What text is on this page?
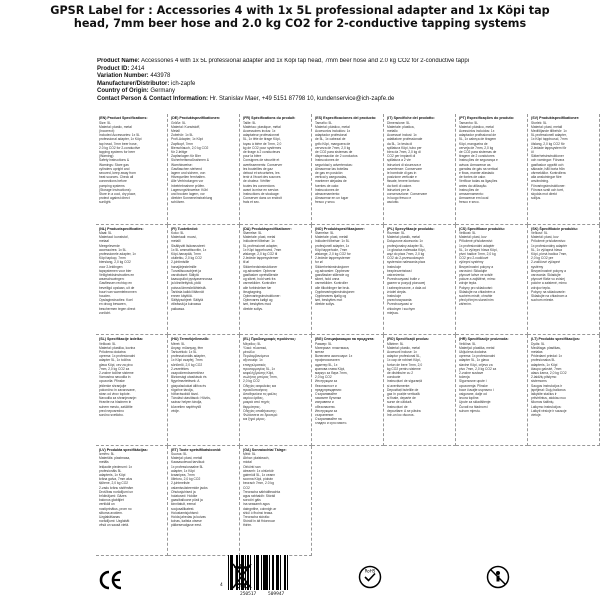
GPSR Label for : Accessories 4 with 1x 5L professional adapter and 1x Köpi tap head, 7mm beer hose and 2.0 kg CO2 for 2-conductive tapping systems
Product Name: Accessories 4 with 1x 5L professional adapter and 1x Köpi tap head, 7mm beer hose and 2.0 kg CO2 for 2-conductive tappi
Product ID: 2414
Variation Number: 443978
Manufacturer/Distributor: ich-zapfe
Country of Origin: Germany
Contact Person & Contact Information: Hr. Stanislav Maer, +49 5151 87798 10, kundenservice@ich-zapfe.de
(EN) Product Specifications:
Size: 5L
Material: plastic, metal
(Incorrect):
Included Accessories: 1x 5L
professional adapter, 1x Köpi
tap head, 7mm beer hose,
2.0 kg CO2 for 2-conductive
tapping systems for beer
(Warning):
Safety instructions &
Warnings: Store gas
cylinders upright and
secured, keep away from
heat sources. Check all
connections before
pumping systems
(Storage Instructions):
Store in a cool, dry place,
protect against direct
sunlight.
(DE) Produktspezifikationen:
Größe: 5L
Material: Kunststoff,
Metall
Zubehör: 1x 5L
Profi-Adapter, 1x Köpi
Zapfkopf, 7mm
Bierschlauch, 2,0 kg CO2
für 2-leitige
Zapfanlagen für Bier
Sicherheitsmaßnahmen &
Warnhinweise:
Gasflaschen stehend
lagern und sichern, von
Hitzequellen fernhalten.
Alle Verbindungen vor
Inbetriebnahme prüfen.
Lagerungshinweise: Kühl
und trocken lagern, vor
direkter Sonneneinstrahlung
schützen.
(FR) Spécifications du produit:
Taille: 5L
Matériau: plastique, métal
Accessoires inclus: 1x
adaptateur professionnel
5L, 1x tête de tirage Köpi,
tuyau à bière de 7mm, 2,0
kg de CO2 pour systèmes
de tirage à 2 conducteurs
pour la bière
Consignes de sécurité et
avertissements: Conserver
les bouteilles de gaz
debout et sécurisées, les
tenir à l'écart des sources
de chaleur. Vérifier
toutes les connexions
avant la mise en service.
Instructions de stockage:
Conserver dans un endroit
frais et sec.
(ES) Especificaciones del producto:
Tamaño: 5L
Material: plástico, metal
Accesorios incluidos: 1x
adaptador profesional
de 5L, 1x cabezal de
grifo Köpi, manguera de
cerveza de 7mm, 2,0 kg
de CO2 para sistemas de
dispensación de 2 conductos
Instrucciones de
seguridad y advertencias:
Almacenar las botellas
de gas en posición
vertical y aseguradas,
mantener alejadas de
fuentes de calor.
Instrucciones de
almacenamiento:
Almacenar en un lugar
fresco y seco.
(IT) Specifiche del prodotto:
Dimensione: 5L
Materiale: plastica,
metallo
Accessori inclusi: 1x
adattatore professionale
da 5L, 1x testa di
spillatura Köpi, tubo per
birra da 7mm, 2,0 kg di
CO2 per impianti di
spillatura a 2 vie
Istruzioni di sicurezza e
avvertenze: Conservare
le bombole di gas in
posizione verticale e
fissate, tenere lontano
da fonti di calore.
Istruzioni per la
conservazione: Conservare
in luogo fresco e
asciutto.
(PT) Especificações do produto:
Tamanho: 5L
Material: plástico, metal
Acessórios incluídos: 1x
adaptador profissional de
5L, 1x cabeça de tiragem
Köpi, mangueira de
cerveja de 7mm, 2,0 kg
de CO2 para sistemas de
tiragem de 2 condutores
Instruções de segurança e
avisos: Armazenar as
garrafas de gás na vertical
e fixas, manter afastado
de fontes de calor.
Verificar todas as ligações
antes da utilização.
Instruções de
armazenamento:
Armazenar em local
fresco e seco.
(SV) Produktspecifikationer:
Storlek: 5L
Material: plast, metall
Medföljande tillbehör: 1x
5L professionell adapter,
1x Köpi tapphuvud, 7mm
ölslang, 2,0 kg CO2 för
2-ledade tappsystem för
öl
Säkerhetsinstruktioner
och varningar: Förvara
gasflaskor upprätt och
säkrade, håll borta från
värmekällor. Kontrollera
alla anslutningar före
användning.
Förvaringsinstruktioner:
Förvara svalt och torrt,
skydda mot direkt
solljus.
(NL) Productspecificaties:
Maat: 5L
Materiaal: kunststof,
metaal
Meegeleverde
accessoires: 1x 5L
professionele adapter, 1x
Köpi tapkop, 7mm
bierslang, 2,0 kg CO2
voor 2-leidingen
tapsystemen voor bier
Veiligheidsinstructies en
waarschuwingen:
Gasflessen rechtop en
beveiligd opslaan, uit de
buurt van warmtebronnen
houden.
Opslaginstructies: Koel
en droog bewaren,
beschermen tegen direct
zonlicht.
(FI) Tuotetiedot:
Koko: 5L
Materiaali: muovi,
metalli
Sisältyvät lisävarusteet:
1x 5L ammattisovitin, 1x
Köpi-hanapää, 7mm
olutletku, 2,0 kg CO2
2-johtimisille
hanajärjestelmille
Turvallisuusohjeet ja
varoitukset: Säilytä
kaasupullot pystyasennossa
ja kiinnitettyinä, pidä
poissa lämmönlähteistä.
Tarkista kaikki liitännät
ennen käyttöä.
Säilytysohjeet: Säilytä
viileässä ja kuivassa
paikassa.
(DA) Produktspecifikationer:
Størrelse: 5L
Materiale: plast, metal
Inkluderet tilbehør: 1x
5L professionel adapter,
1x Köpi tappehoved, 7mm
ølslange, 2,0 kg CO2 til
2-ledede tappesystemer
til øl
Sikkerhedsinstruktioner
og advarsler: Opbevar
gasflasker opretstående
og sikret, hold væk fra
varmekilder. Kontroller
alle forbindelser før
ibrugtagning.
Opbevaringsinstruktioner:
Opbevares køligt og
tørt, beskyttes mod
direkte sollys.
(NO) Produktspesifikasjoner:
Størrelse: 5L
Materiale: plast, metall
Inkludert tilbehør: 1x 5L
profesjonell adapter, 1x
Köpi tappehode, 7mm
ølslange, 2,0 kg CO2 for
2-ledede tappesystemer
for øl
Sikkerhetsinstruksjoner
og advarsler: Oppbevar
gassflasker stående og
sikret, hold unna
varmekilder. Kontroller
alle tilkoblinger før bruk.
Oppbevaringsinstruksjoner:
Oppbevares kjølig og
tørt, beskyttes mot
direkte sollys.
(PL) Specyfikacje produktu:
Rozmiar: 5L
Materiał: plastik, metal
Dołączone akcesoria: 1x
profesjonalny adapter 5L,
1x głowica nalewaka Köpi,
wąż do piwa 7mm, 2,0 kg
CO2 do 2-przewodowych
systemów nalewania piwa
Instrukcje
bezpieczeństwa i
ostrzeżenia:
Przechowywać butle z
gazem w pozycji pionowej
i zabezpieczone, z dala od
źródeł ciepła.
Instrukcje
przechowywania:
Przechowywać w
chłodnym i suchym
miejscu.
(CS) Specifikace produktu:
Velikost: 5L
Materiál: plast, kov
Přiložené příslušenství:
1x profesionální adaptér
5L, 1x výčepní hlava Köpi,
pivní hadice 7mm, 2,0 kg
CO2 pro 2-vodičové
výčepní systémy
Bezpečnostní pokyny a
varování: Skladujte
plynové lahve ve svislé
poloze a zajištěné, mimo
zdroje tepla.
Pokyny pro skladování:
Skladujte na chladném a
suchém místě, chraňte
před přímým slunečním
zářením.
(SK) Špecifikácie produktu:
Veľkosť: 5L
Materiál: plast, kov
Priložené príslušenstvo:
1x profesionálny adaptér
5L, 1x výčapná hlava
Köpi, pivná hadica 7mm,
2,0 kg CO2 pre
2-vodičové výčapné
systémy
Bezpečnostné pokyny a
varovania: Skladujte
plynové fľaše vo zvislej
polohe a zaistené, mimo
zdrojov tepla.
Pokyny na skladovanie:
Skladujte na chladnom a
suchom mieste.
(SL) Specifikacije izdelka:
Velikost: 5L
Material: plastika, kovina
Priložena dodatna
oprema: 1x profesionalni
adapter 5L, 1x točilna
glava Köpi, cev za pivo
7mm, 2,0 kg CO2 za
2-vodne točilne sisteme
Varnostna navodila in
opozorila: Plinske
jeklenke shranjujte
pokončno in zavarovane,
stran od virov toplote.
Navodila za shranjevanje:
Hranite na hladnem in
suhem mestu, zaščitite
pred neposredno
sončno svetlobo.
(HU) Termékjellemzők:
Méret: 5L
Anyag: műanyag, fém
Tartozékok: 1x 5L
professzionális adapter,
1x Köpi csapfej, 7mm
sörtömlő, 2,0 kg CO2
2-vezetékes
csapolórendszerekhez
Biztonsági utasítások és
figyelmeztetések: A
gázpalackokat állítva és
rögzítve tárolja,
hőforrásoktól távol.
Tárolási utasítások: Hűvös,
száraz helyen tárolja,
közvetlen napfénytől
védje.
(EL) Προδιαγραφές προϊόντος:
Μέγεθος: 5L
Υλικό: πλαστικό,
μέταλλο
Περιλαμβανόμενα
αξεσουάρ: 1x
επαγγελματικός
προσαρμογέας 5L, 1x
κεφαλή βρύσης Köpi,
σωλήνας μπύρας 7mm,
2,0 kg CO2
Οδηγίες ασφαλείας και
προειδοποιήσεις:
Αποθηκεύετε τις φιάλες
αερίου όρθιες,
μακριά από πηγές
θερμότητας.
Οδηγίες αποθήκευσης:
Φυλάσσετε σε δροσερό
και ξηρό μέρος.
(BG) Спецификации на продукта:
Размер: 5L
Материал: пластмаса,
метал
Включени аксесоари: 1x
професионален
адаптер 5L, 1x
кранова глава Köpi,
маркуч за бира 7mm,
2,0 kg CO2
Инструкции за
безопасност и
предупреждения:
Съхранявайте
газовите бутилки
изправени и
обезопасени.
Инструкции за
съхранение:
Съхранявайте на
хладно и сухо място.
(RO) Specificații produs:
Mărime: 5L
Material: plastic, metal
Accesorii incluse: 1x
adaptor profesional 5L,
1x cap de robinet Köpi,
furtun de bere 7mm, 2,0
kg CO2 pentru sisteme
de distribuire cu 2
conducte
Instrucțiuni de siguranță
și avertismente:
Depozitați buteliile de
gaz în poziție verticală
și fixate, departe de
surse de căldură.
Instrucțiuni de
depozitare: A se păstra
într-un loc răcoros.
(HR) Specifikacije proizvoda:
Veličina: 5L
Materijal: plastika, metal
Uključena dodatna
oprema: 1x profesionalni
adapter 5L, 1x glava
slavine Köpi, crijevo za
pivo 7mm, 2,0 kg CO2 za
2-vodne sustave
točenja
Sigurnosne upute i
upozorenja: Plinske
boce čuvajte uspravno i
osigurane, dalje od
izvora topline.
Upute za skladištenje:
Čuvati na hladnom i
suhom mjestu.
(LT) Produkto specifikacijos:
Dydis: 5L
Medžiaga: plastikas,
metalas
Pridedami priedai: 1x
profesionalus 5L
adapteris, 1x Köpi
čiaupo galvutė, 7mm
alaus žarna, 2,0 kg CO2
2-laidžių pilstymo
sistemoms
Saugos instrukcijos ir
įspėjimai: Dujų balionus
laikykite stačius ir
pritvirtintus, atokiau nuo
šilumos šaltinių.
Laikymo instrukcijos:
Laikyti vėsioje ir sausoje
vietoje.
(LV) Produkta specifikācijas:
Izmērs: 5L
Materiāls: plastmasa,
metāls
Iekļautie piederumi: 1x
profesionāls 5L
adapteris, 1x Köpi
krāna galva, 7mm alus
šļūtene, 2,0 kg CO2
2-vadu krānu sistēmām
Drošības norādījumi un
brīdinājumi: Gāzes
balonus glabājiet
vertikāli un
nostiprinātus, prom no
siltuma avotiem.
Uzglabāšanas
norādījumi: Uzglabāt
vēsā un sausā vietā.
(ET) Toote spetsifikatsioonid:
Suurus: 5L
Materjal: plast, metall
Kaasasolevad tarvikud:
1x professionaalne 5L
adapter, 1x Köpi
kraanipea, 7mm
õlletoru, 2,0 kg CO2
2-juhtmeliste
valamissüsteemide jaoks
Ohutusjuhised ja
hoiatused: Hoidke
gaasiballoone püsti ja
kinnitatult, eemal
soojusallikatest.
Hoiustamisjuhised:
Hoida jahedas ja kuivas
kohas, kaitsta otsese
päikesevalguse eest.
(GA) Sonraíochtaí Táirge:
Méid: 5L
Ábhar: plaisteach,
miotal
Oiriúintí san
áireamh: 1x oiriúntóir
gairmiúil 5L, 1x ceann
sconna Köpi, píobán
beorach 7mm, 2.0 kg
CO2
Treoracha sábháilteachta
agus rabhaidh: Stóráil
sorcóirí gáis
ina seasamh agus
daingnithe, coinnigh ar
shiúl ó fhoinsí teasa.
Treoracha stórála:
Stóráil in áit fhionnuar
thirim.
4
250517	509947
RoHS
